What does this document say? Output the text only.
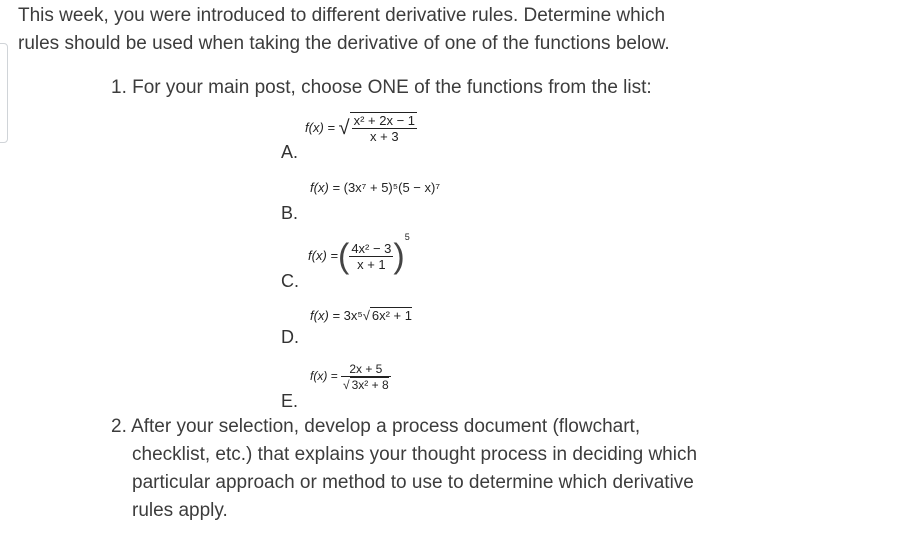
This week, you were introduced to different derivative rules. Determine which
rules should be used when taking the derivative of one of the functions below.
1. For your main post, choose ONE of the functions from the list:
A.
f(x) = √ $\frac{\text{x² + 2x − 1}}{x + 3}$
B.
f(x) = (3x⁷ + 5)⁵(5 − x)⁷
C.
f(x) =( $\frac{\text{4x² − 3}}{x + 1} )^5$
D.
f(x) = 3x⁵√ 6x² + 1
E.
$f(x) = \frac{2x + 5}{\text{√ 3x² + 8}}$
2. After your selection, develop a process document (flowchart,
checklist, etc.) that explains your thought process in deciding which
particular approach or method to use to determine which derivative
rules apply.
